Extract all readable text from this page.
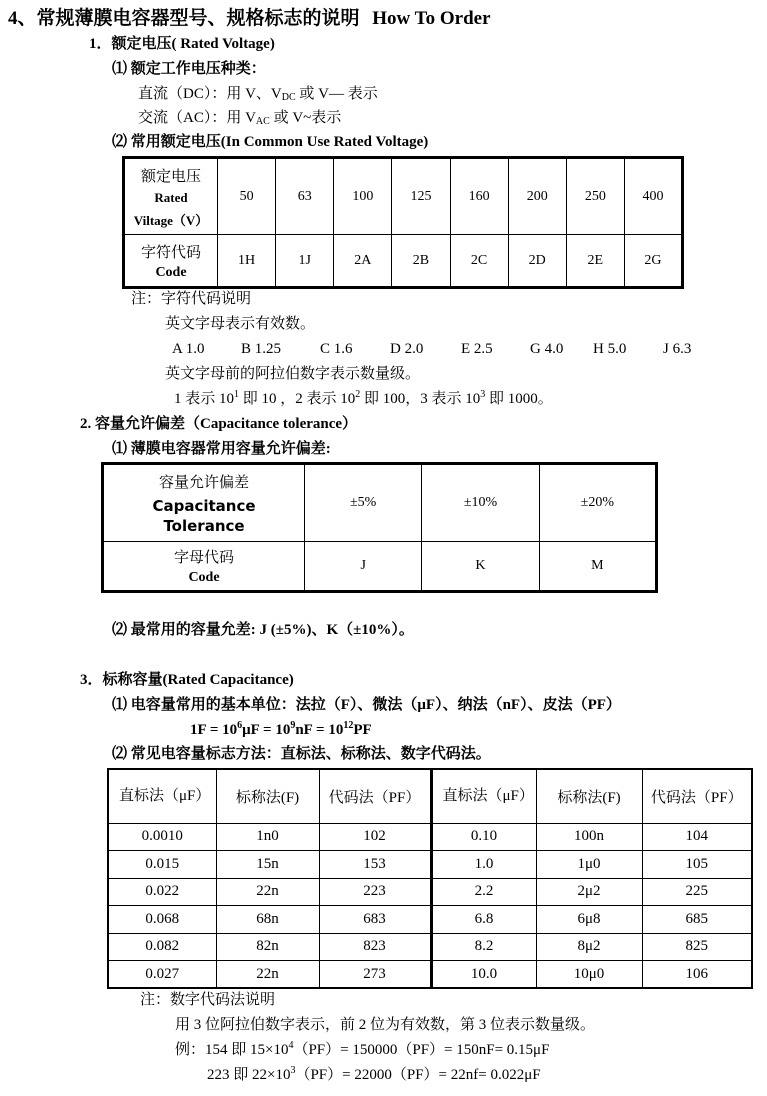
4、常规薄膜电容器型号、规格标志的说明 How To Order
1．额定电压( Rated Voltage)
⑴ 额定工作电压种类：
直流（DC）：用 V、$V_{DC}$ 或 V— 表示
交流（AC）：用 $V_{AC}$ 或 V~表示
⑵ 常用额定电压(In Common Use Rated Voltage)
额定电压
Rated
Viltage（V）	50	63	100	125	160	200	250	400

字符代码
Code	1H	1J	2A	2B	2C	2D	2E	2G
注：字符代码说明
英文字母表示有效数。
A 1.0 B 1.25	C 1.6 D 2.0	E 2.5 G 4.0 H 5.0 J 6.3
英文字母前的阿拉伯数字表示数量级。
1 表示 $10^1$ 即 10 ，2 表示 $10^2$ 即 100，3 表示 $10^3$ 即 1000。
2. 容量允许偏差（Capacitance tolerance）
⑴ 薄膜电容器常用容量允许偏差:
容量允许偏差
Capacitance
Tolerance	±5%	±10%	±20%

字母代码
Code	J	K	M
⑵ 最常用的容量允差: J (±5%)、K（±10%）。
3．标称容量(Rated Capacitance)
⑴ 电容量常用的基本单位：法拉（F）、微法（μF）、纳法（nF）、皮法（PF）
$1F = 10^6\mu F = 10^9nF = 10^{12}PF$
⑵ 常见电容量标志方法：直标法、标称法、数字代码法。
直标法（μF）	标称法(F)	代码法（PF）	直标法（μF）	标称法(F)	代码法（PF）
0.0010	1n0	102	0.10	100n	104
0.015	15n	153	1.0	1μ0	105
0.022	22n	223	2.2	2μ2	225
0.068	68n	683	6.8	6μ8	685
0.082	82n	823	8.2	8μ2	825
0.027	22n	273	10.0	10μ0	106
注：数字代码法说明
用 3 位阿拉伯数字表示，前 2 位为有效数，第 3 位表示数量级。
例：154 即 $15\times 10^4(PF)= 150000(PF)= 150nF= 0.15\mu F$
223 即 $22\times 10^3(PF)= 22000(PF)= 22nf= 0.022\mu F$
